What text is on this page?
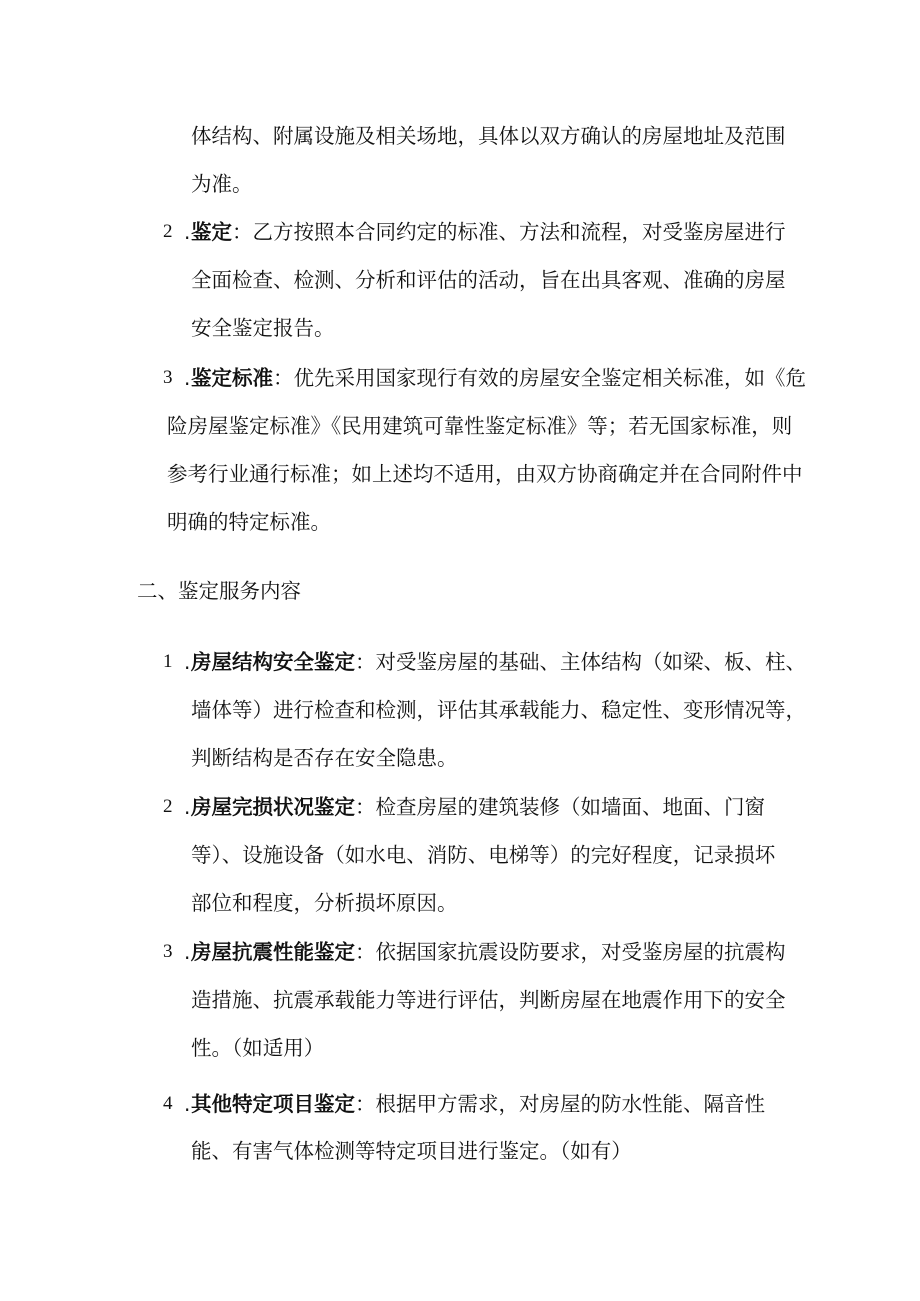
体结构、附属设施及相关场地，具体以双方确认的房屋地址及范围
为准。
2 . 鉴定：乙方按照本合同约定的标准、方法和流程，对受鉴房屋进行
全面检查、检测、分析和评估的活动，旨在出具客观、准确的房屋
安全鉴定报告。
3 . 鉴定标准：优先采用国家现行有效的房屋安全鉴定相关标准，如《危
险房屋鉴定标准》《民用建筑可靠性鉴定标准》等；若无国家标准，则
参考行业通行标准；如上述均不适用，由双方协商确定并在合同附件中
明确的特定标准。
二、鉴定服务内容
1 . 房屋结构安全鉴定：对受鉴房屋的基础、主体结构（如梁、板、柱、
墙体等）进行检查和检测，评估其承载能力、稳定性、变形情况等，
判断结构是否存在安全隐患。
2 . 房屋完损状况鉴定：检查房屋的建筑装修（如墙面、地面、门窗
等）、设施设备（如水电、消防、电梯等）的完好程度，记录损坏
部位和程度，分析损坏原因。
3 . 房屋抗震性能鉴定：依据国家抗震设防要求，对受鉴房屋的抗震构
造措施、抗震承载能力等进行评估，判断房屋在地震作用下的安全
性。（如适用）
4 . 其他特定项目鉴定：根据甲方需求，对房屋的防水性能、隔音性
能、有害气体检测等特定项目进行鉴定。（如有）
